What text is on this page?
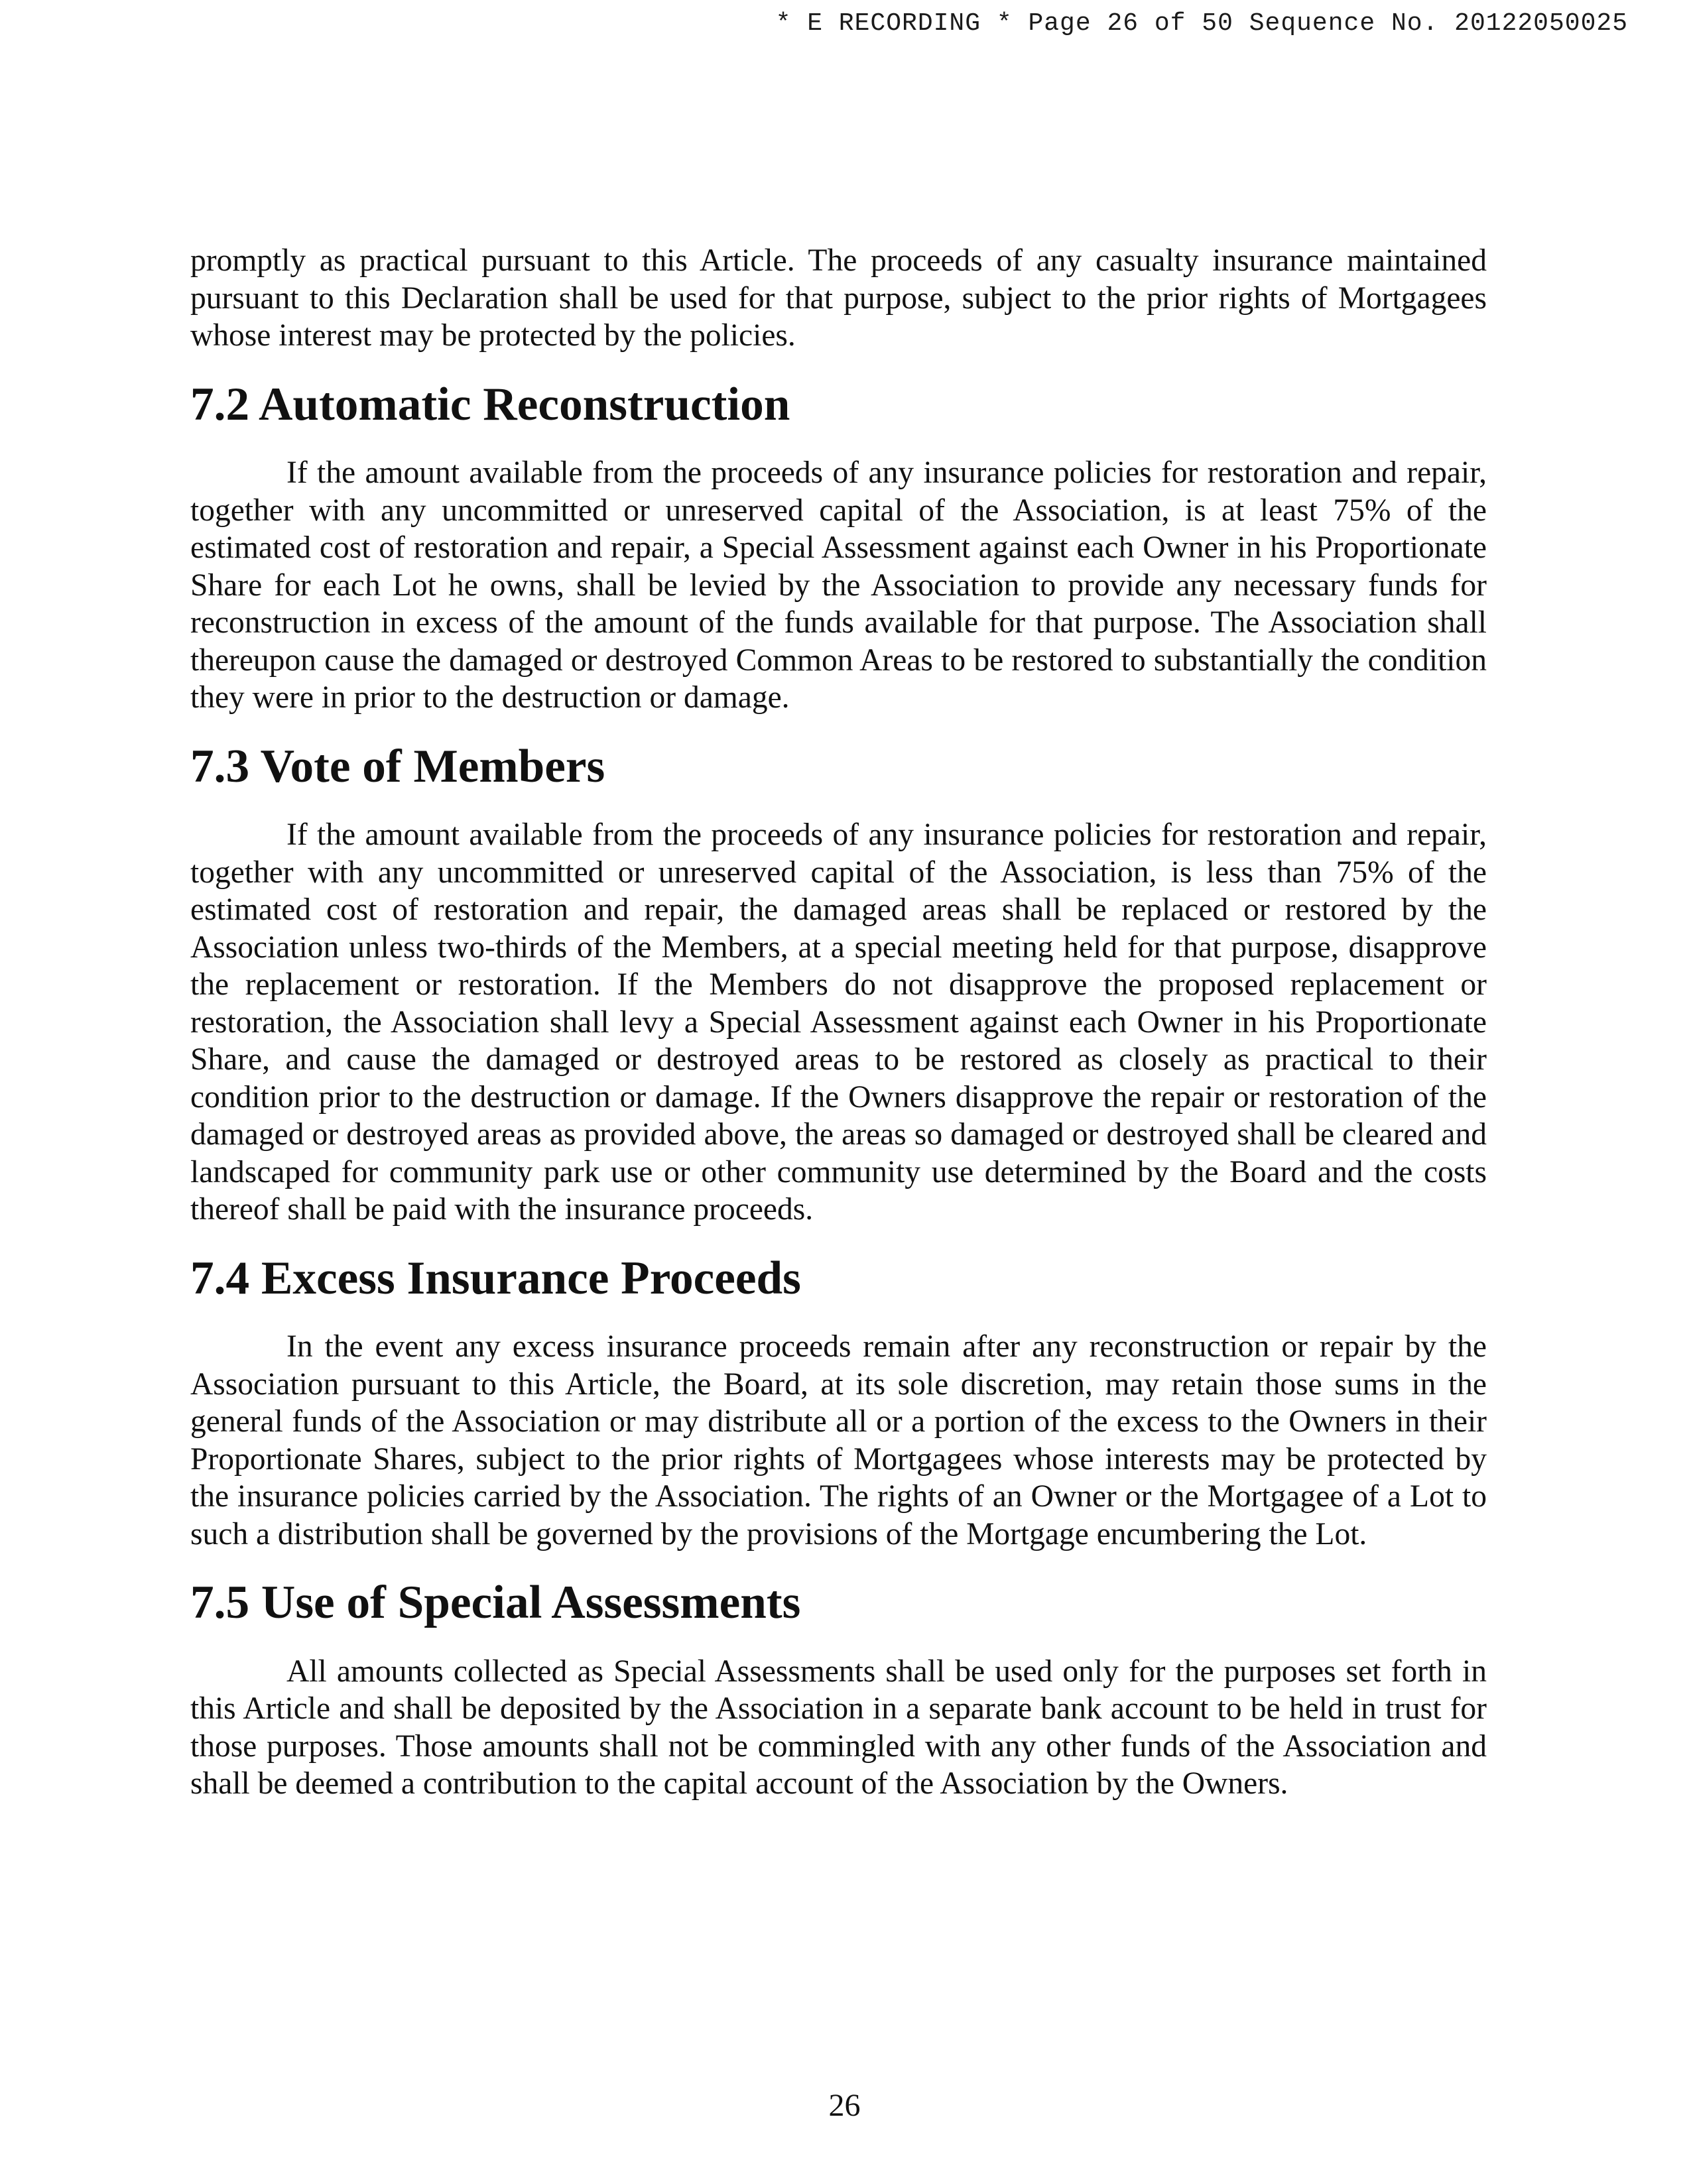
* E RECORDING * Page 26 of 50 Sequence No. 20122050025

promptly as practical pursuant to this Article. The proceeds of any casualty insurance maintained pursuant to this Declaration shall be used for that purpose, subject to the prior rights of Mortgagees whose interest may be protected by the policies.

7.2 Automatic Reconstruction

If the amount available from the proceeds of any insurance policies for restoration and repair, together with any uncommitted or unreserved capital of the Association, is at least 75% of the estimated cost of restoration and repair, a Special Assessment against each Owner in his Proportionate Share for each Lot he owns, shall be levied by the Association to provide any necessary funds for reconstruction in excess of the amount of the funds available for that purpose. The Association shall thereupon cause the damaged or destroyed Common Areas to be restored to substantially the condition they were in prior to the destruction or damage.

7.3 Vote of Members

If the amount available from the proceeds of any insurance policies for restoration and repair, together with any uncommitted or unreserved capital of the Association, is less than 75% of the estimated cost of restoration and repair, the damaged areas shall be replaced or restored by the Association unless two-thirds of the Members, at a special meeting held for that purpose, disapprove the replacement or restoration. If the Members do not disapprove the proposed replacement or restoration, the Association shall levy a Special Assessment against each Owner in his Proportionate Share, and cause the damaged or destroyed areas to be restored as closely as practical to their condition prior to the destruction or damage. If the Owners disapprove the repair or restoration of the damaged or destroyed areas as provided above, the areas so damaged or destroyed shall be cleared and landscaped for community park use or other community use determined by the Board and the costs thereof shall be paid with the insurance proceeds.

7.4 Excess Insurance Proceeds

In the event any excess insurance proceeds remain after any reconstruction or repair by the Association pursuant to this Article, the Board, at its sole discretion, may retain those sums in the general funds of the Association or may distribute all or a portion of the excess to the Owners in their Proportionate Shares, subject to the prior rights of Mortgagees whose interests may be protected by the insurance policies carried by the Association. The rights of an Owner or the Mortgagee of a Lot to such a distribution shall be governed by the provisions of the Mortgage encumbering the Lot.

7.5 Use of Special Assessments

All amounts collected as Special Assessments shall be used only for the purposes set forth in this Article and shall be deposited by the Association in a separate bank account to be held in trust for those purposes. Those amounts shall not be commingled with any other funds of the Association and shall be deemed a contribution to the capital account of the Association by the Owners.

26
